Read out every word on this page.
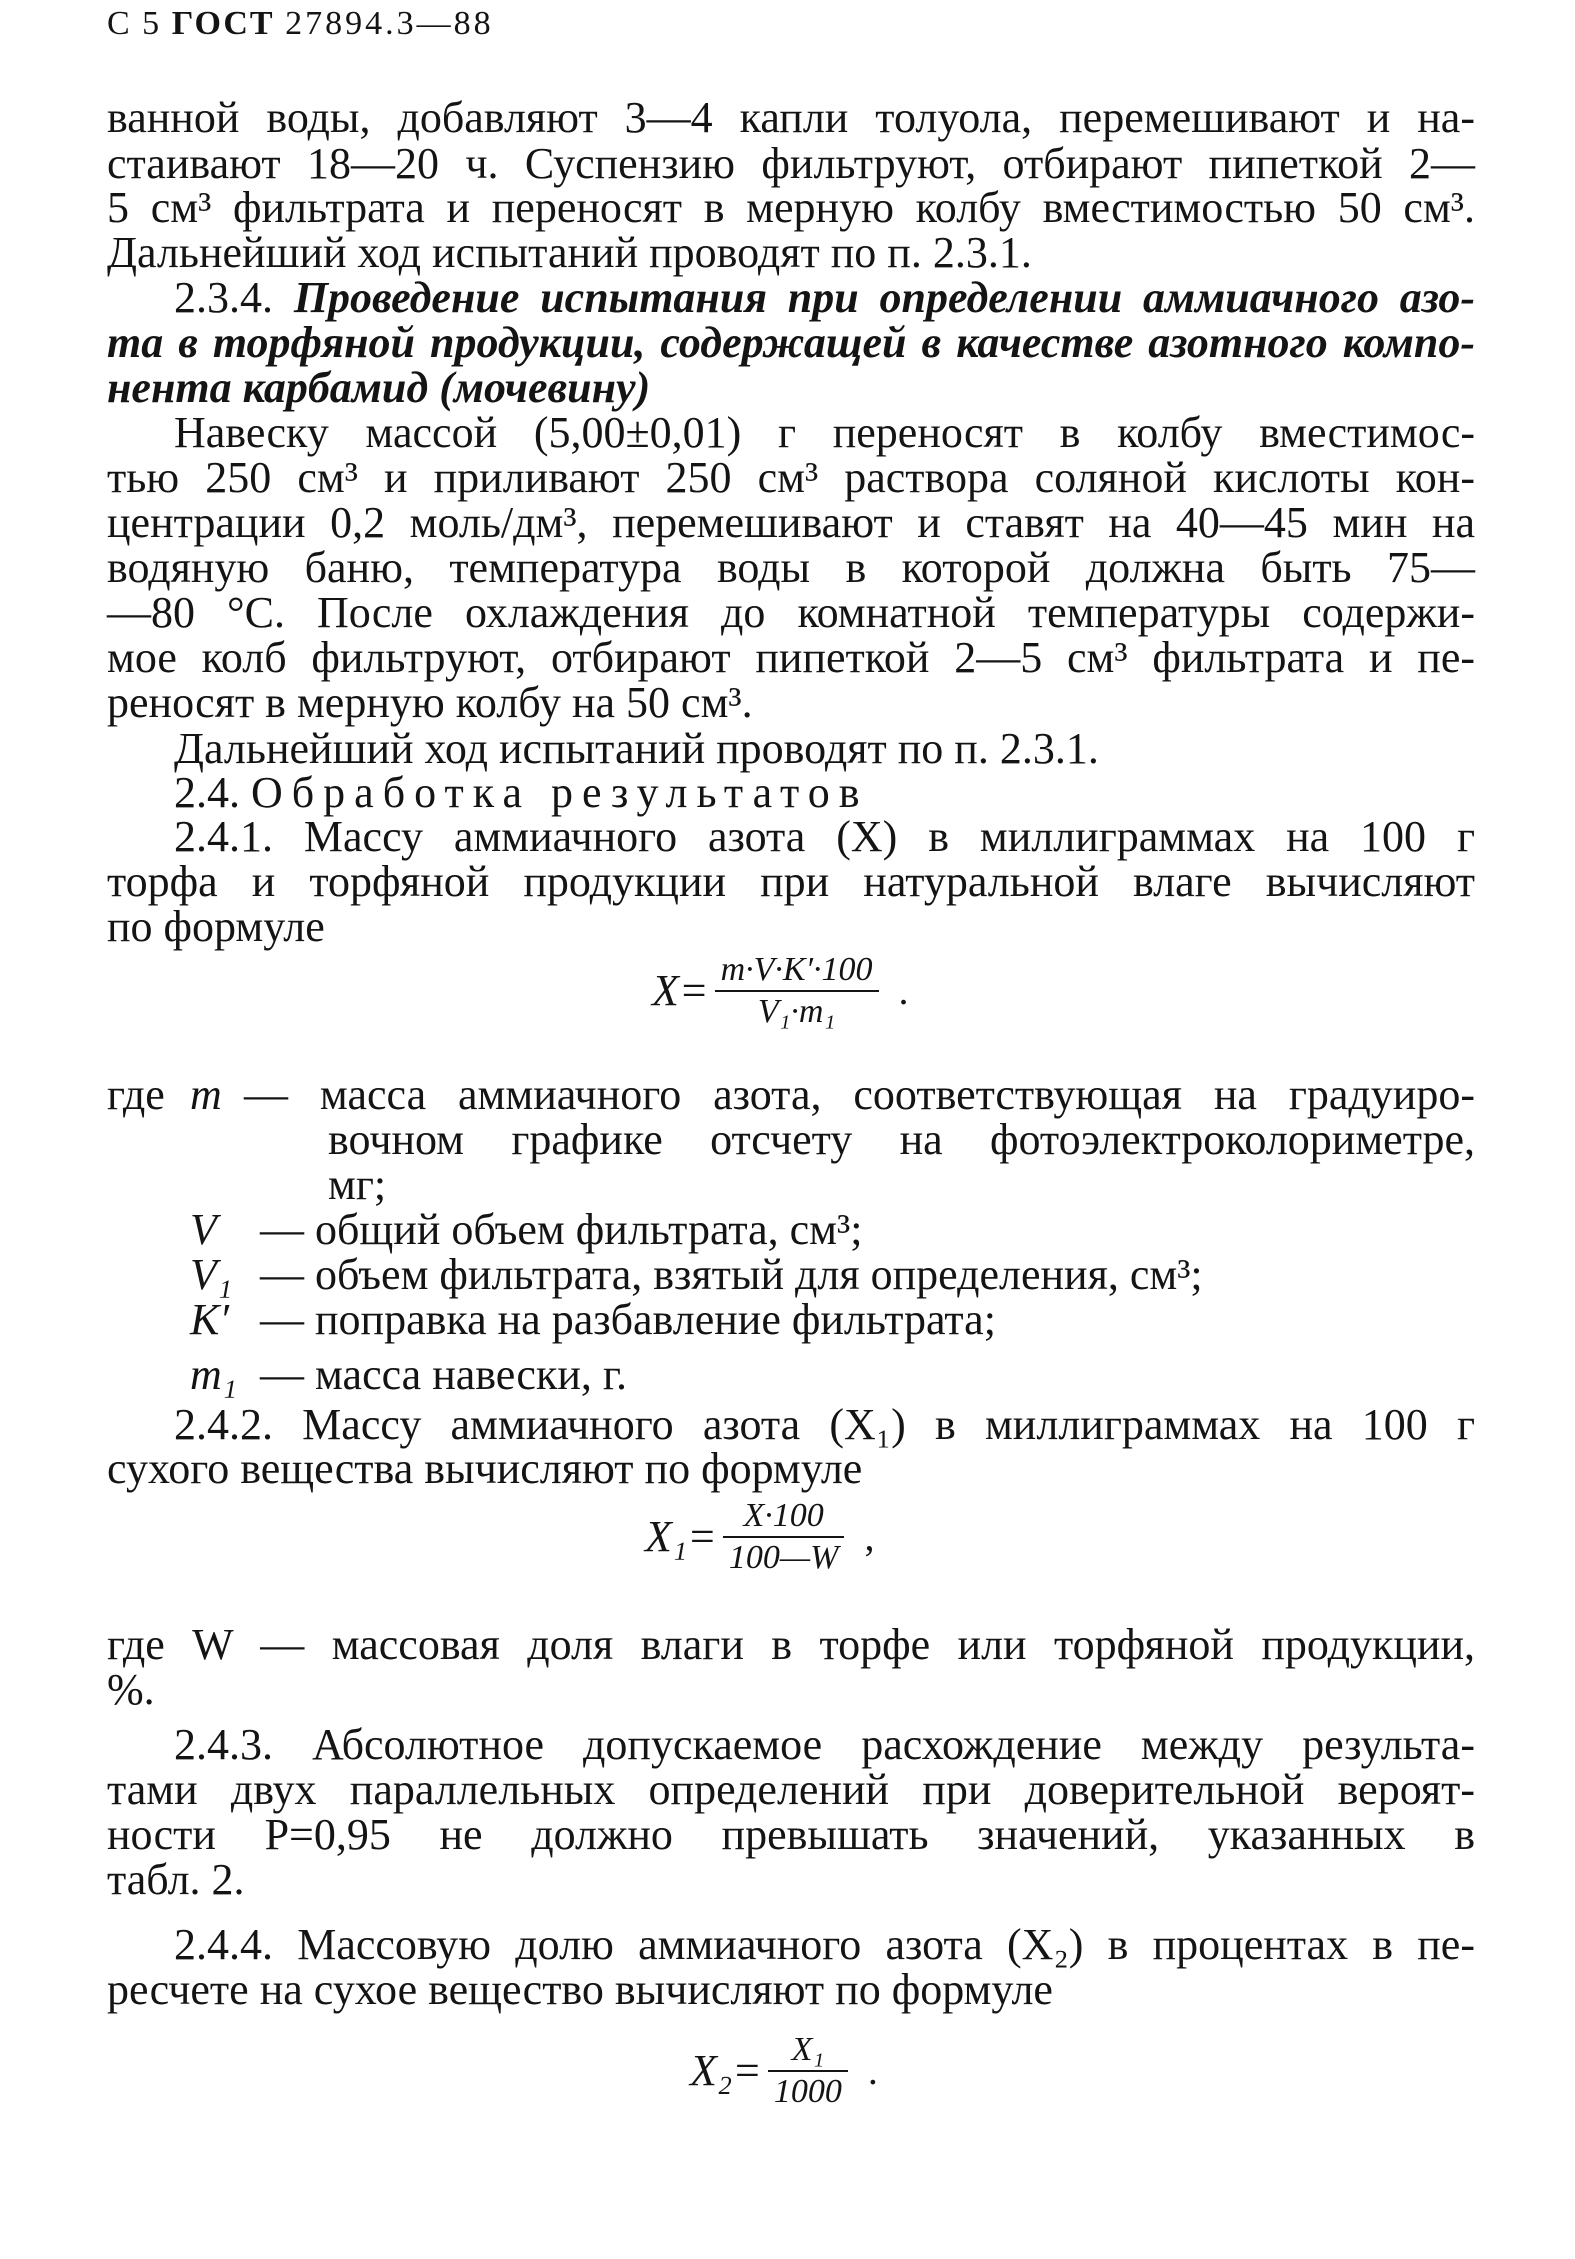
С 5 ГОСТ 27894.3—88
ванной воды, добавляют 3—4 капли толуола, перемешивают и на-
стаивают 18—20 ч. Суспензию фильтруют, отбирают пипеткой 2—
5 см³ фильтрата и переносят в мерную колбу вместимостью 50 см³.
Дальнейший ход испытаний проводят по п. 2.3.1.
2.3.4. Проведение испытания при определении аммиачного азо-
та в торфяной продукции, содержащей в качестве азотного компо-
нента карбамид (мочевину)
Навеску массой (5,00±0,01) г переносят в колбу вместимос-
тью 250 см³ и приливают 250 см³ раствора соляной кислоты кон-
центрации 0,2 моль/дм³, перемешивают и ставят на 40—45 мин на
водяную баню, температура воды в которой должна быть 75—
—80 °С. После охлаждения до комнатной температуры содержи-
мое колб фильтруют, отбирают пипеткой 2—5 см³ фильтрата и пе-
реносят в мерную колбу на 50 см³.
Дальнейший ход испытаний проводят по п. 2.3.1.
2.4. Обработка результатов
2.4.1. Массу аммиачного азота (X) в миллиграммах на 100 г
торфа и торфяной продукции при натуральной влаге вычисляют
по формуле
$X= \frac{m\cdot V\cdot K'\cdot 100}{\text{V₁·m₁}}$ .
где m — масса аммиачного азота, соответствующая на градуиро-
вочном графике отсчету на фотоэлектроколориметре,
мг;
V — общий объем фильтрата, см³;
V₁ — объем фильтрата, взятый для определения, см³;
K′ — поправка на разбавление фильтрата;
m₁ — масса навески, г.
2.4.2. Массу аммиачного азота (X₁) в миллиграммах на 100 г
сухого вещества вычисляют по формуле
$X_1= \frac{X\cdot 100}{100—W}$ ,
где W — массовая доля влаги в торфе или торфяной продукции,
%.
2.4.3. Абсолютное допускаемое расхождение между результа-
тами двух параллельных определений при доверительной вероят-
ности P=0,95 не должно превышать значений, указанных в
табл. 2.
2.4.4. Массовую долю аммиачного азота (X₂) в процентах в пе-
ресчете на сухое вещество вычисляют по формуле
$X_2= \frac{\text{X₁}}{1000}$ .
